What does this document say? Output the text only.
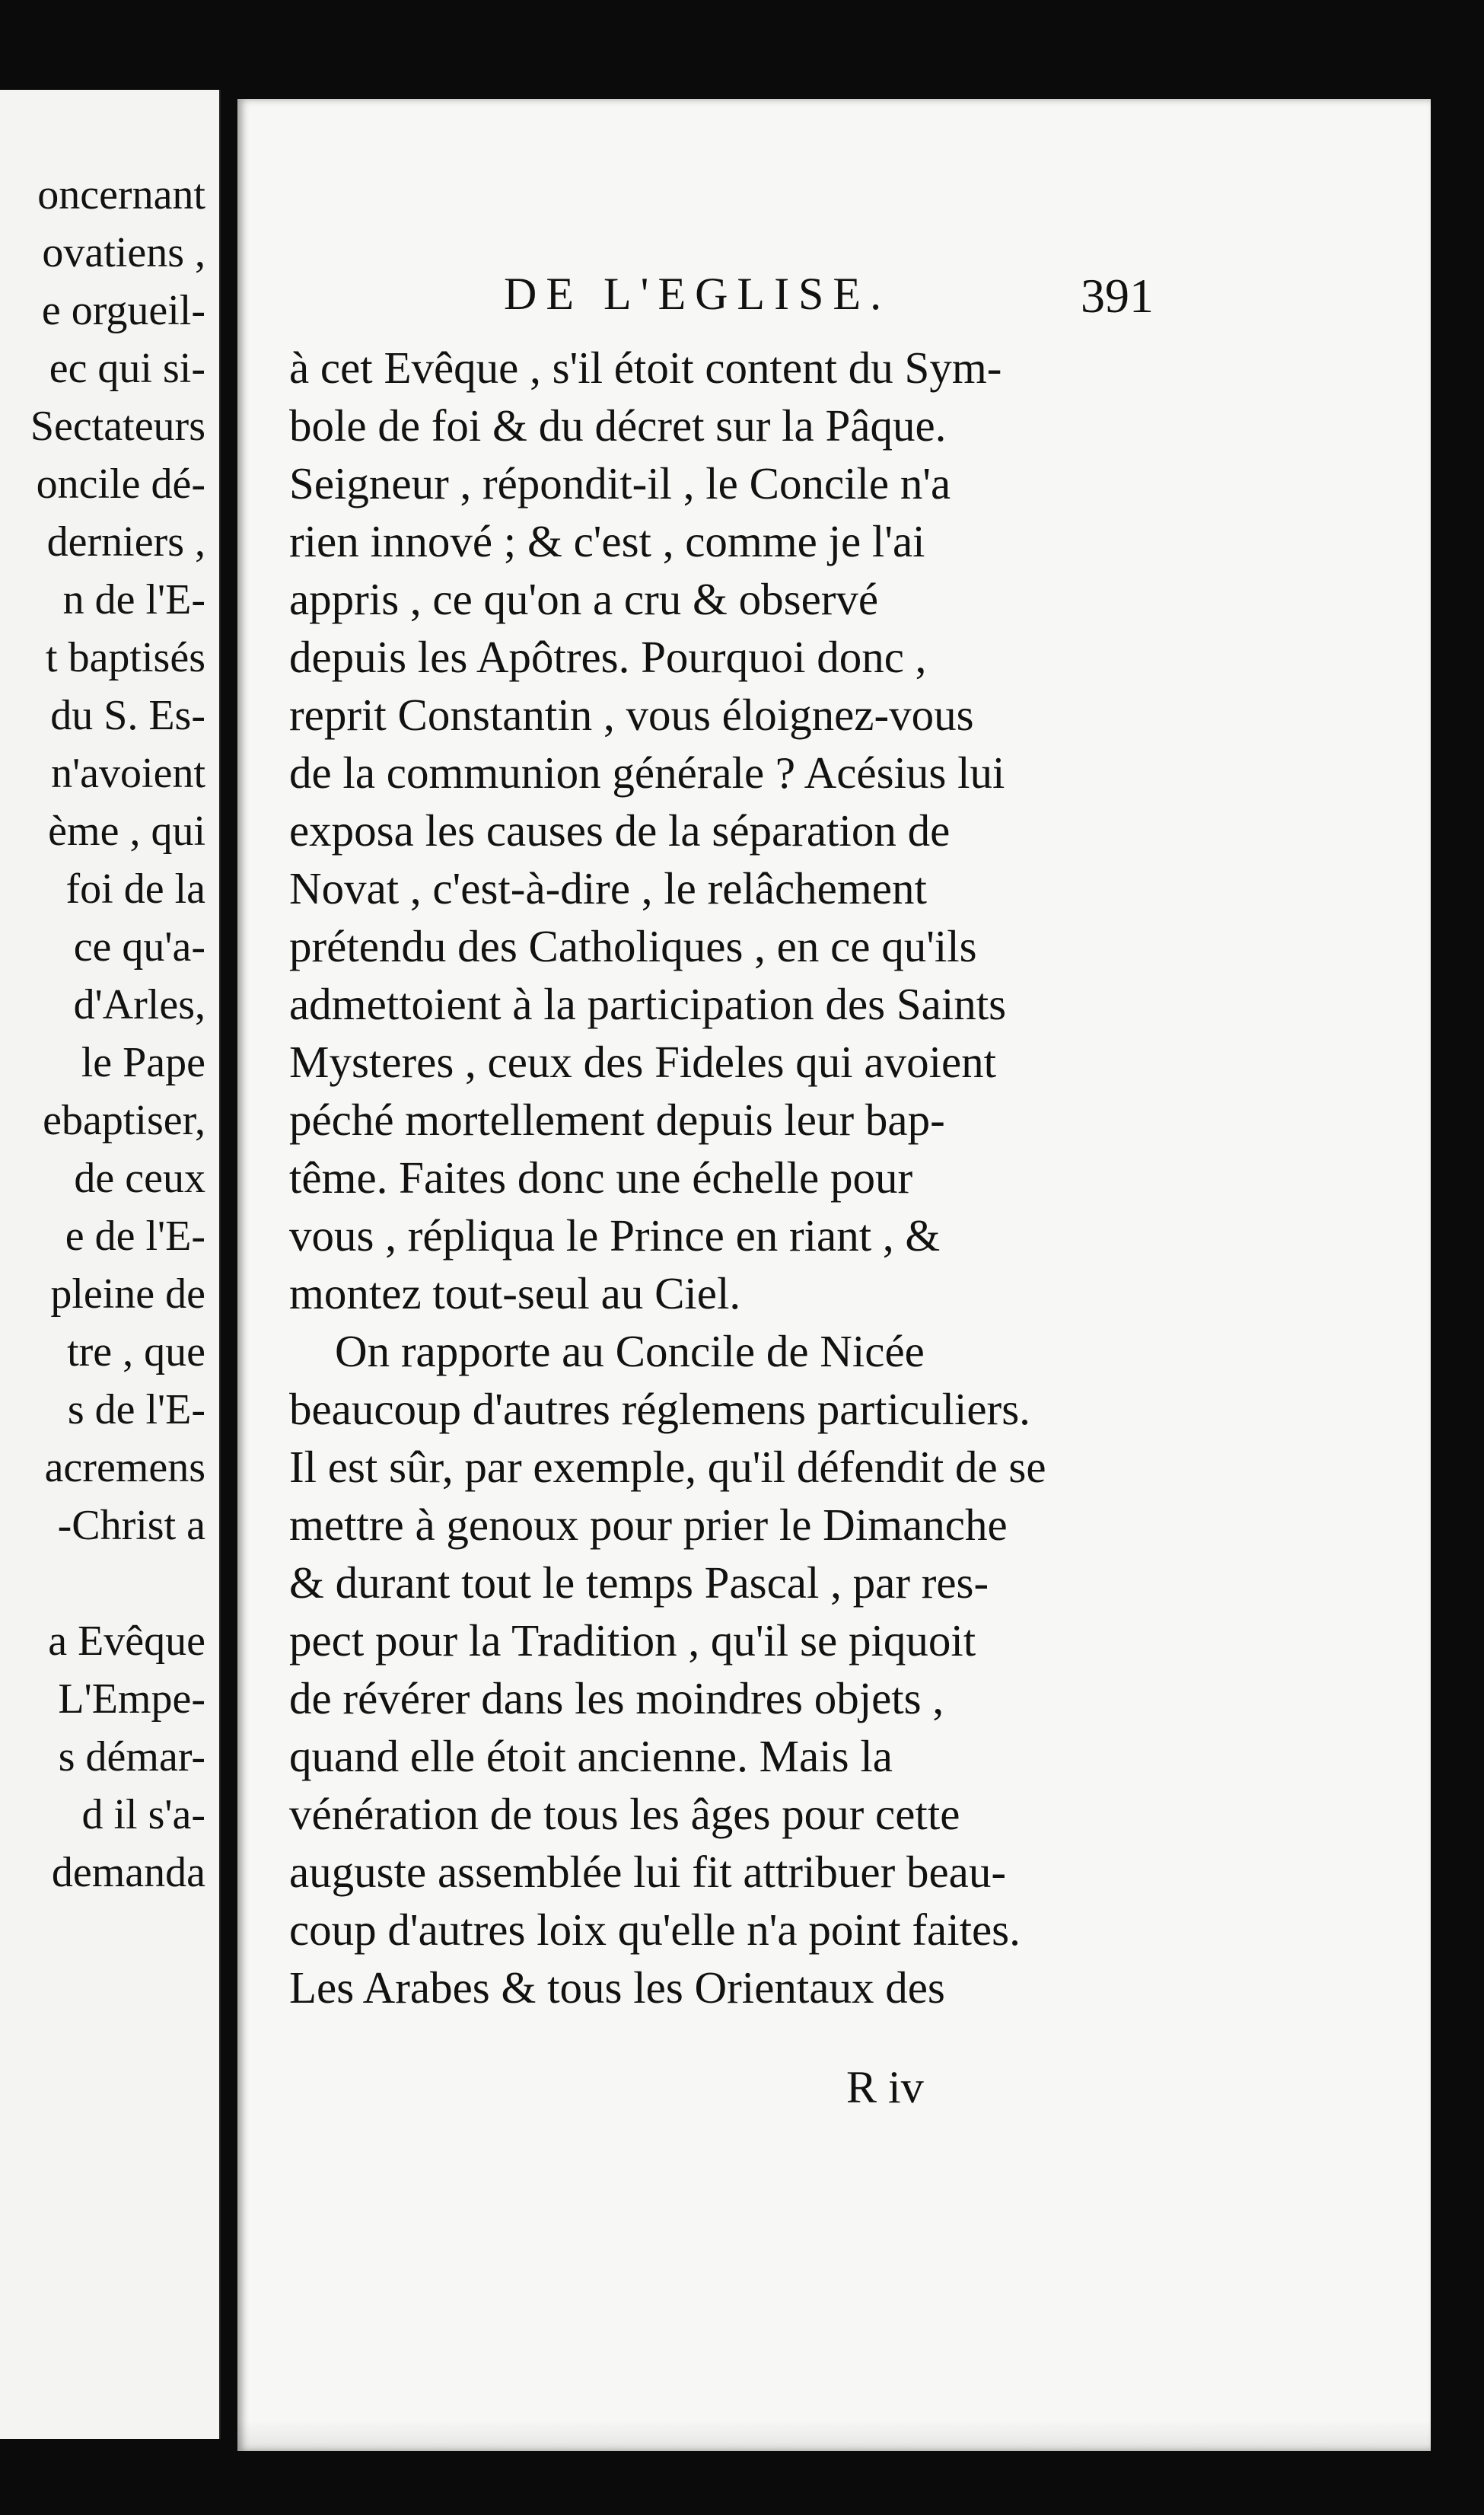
oncernant
ovatiens ,
e orgueil-
ec qui si-
Sectateurs
oncile dé-
derniers ,
n de l'E-
t baptisés
du S. Es-
n'avoient
ème , qui
foi de la
ce qu'a-
d'Arles,
le Pape
ebaptiser,
de ceux
e de l'E-
pleine de
tre , que
s de l'E-
acremens
-Christ a
a Evêque
L'Empe-
s démar-
d il s'a-
demanda
DE L'EGLISE.	391
à cet Evêque , s'il étoit content du Sym-
bole de foi & du décret sur la Pâque.
Seigneur , répondit-il , le Concile n'a
rien innové ; & c'est , comme je l'ai
appris , ce qu'on a cru & observé
depuis les Apôtres. Pourquoi donc ,
reprit Constantin , vous éloignez-vous
de la communion générale ? Acésius lui
exposa les causes de la séparation de
Novat , c'est-à-dire , le relâchement
prétendu des Catholiques , en ce qu'ils
admettoient à la participation des Saints
Mysteres , ceux des Fideles qui avoient
péché mortellement depuis leur bap-
tême. Faites donc une échelle pour
vous , répliqua le Prince en riant , &
montez tout-seul au Ciel.
On rapporte au Concile de Nicée
beaucoup d'autres réglemens particuliers.
Il est sûr, par exemple, qu'il défendit de se
mettre à genoux pour prier le Dimanche
& durant tout le temps Pascal , par res-
pect pour la Tradition , qu'il se piquoit
de révérer dans les moindres objets ,
quand elle étoit ancienne. Mais la
vénération de tous les âges pour cette
auguste assemblée lui fit attribuer beau-
coup d'autres loix qu'elle n'a point faites.
Les Arabes & tous les Orientaux des
R iv
